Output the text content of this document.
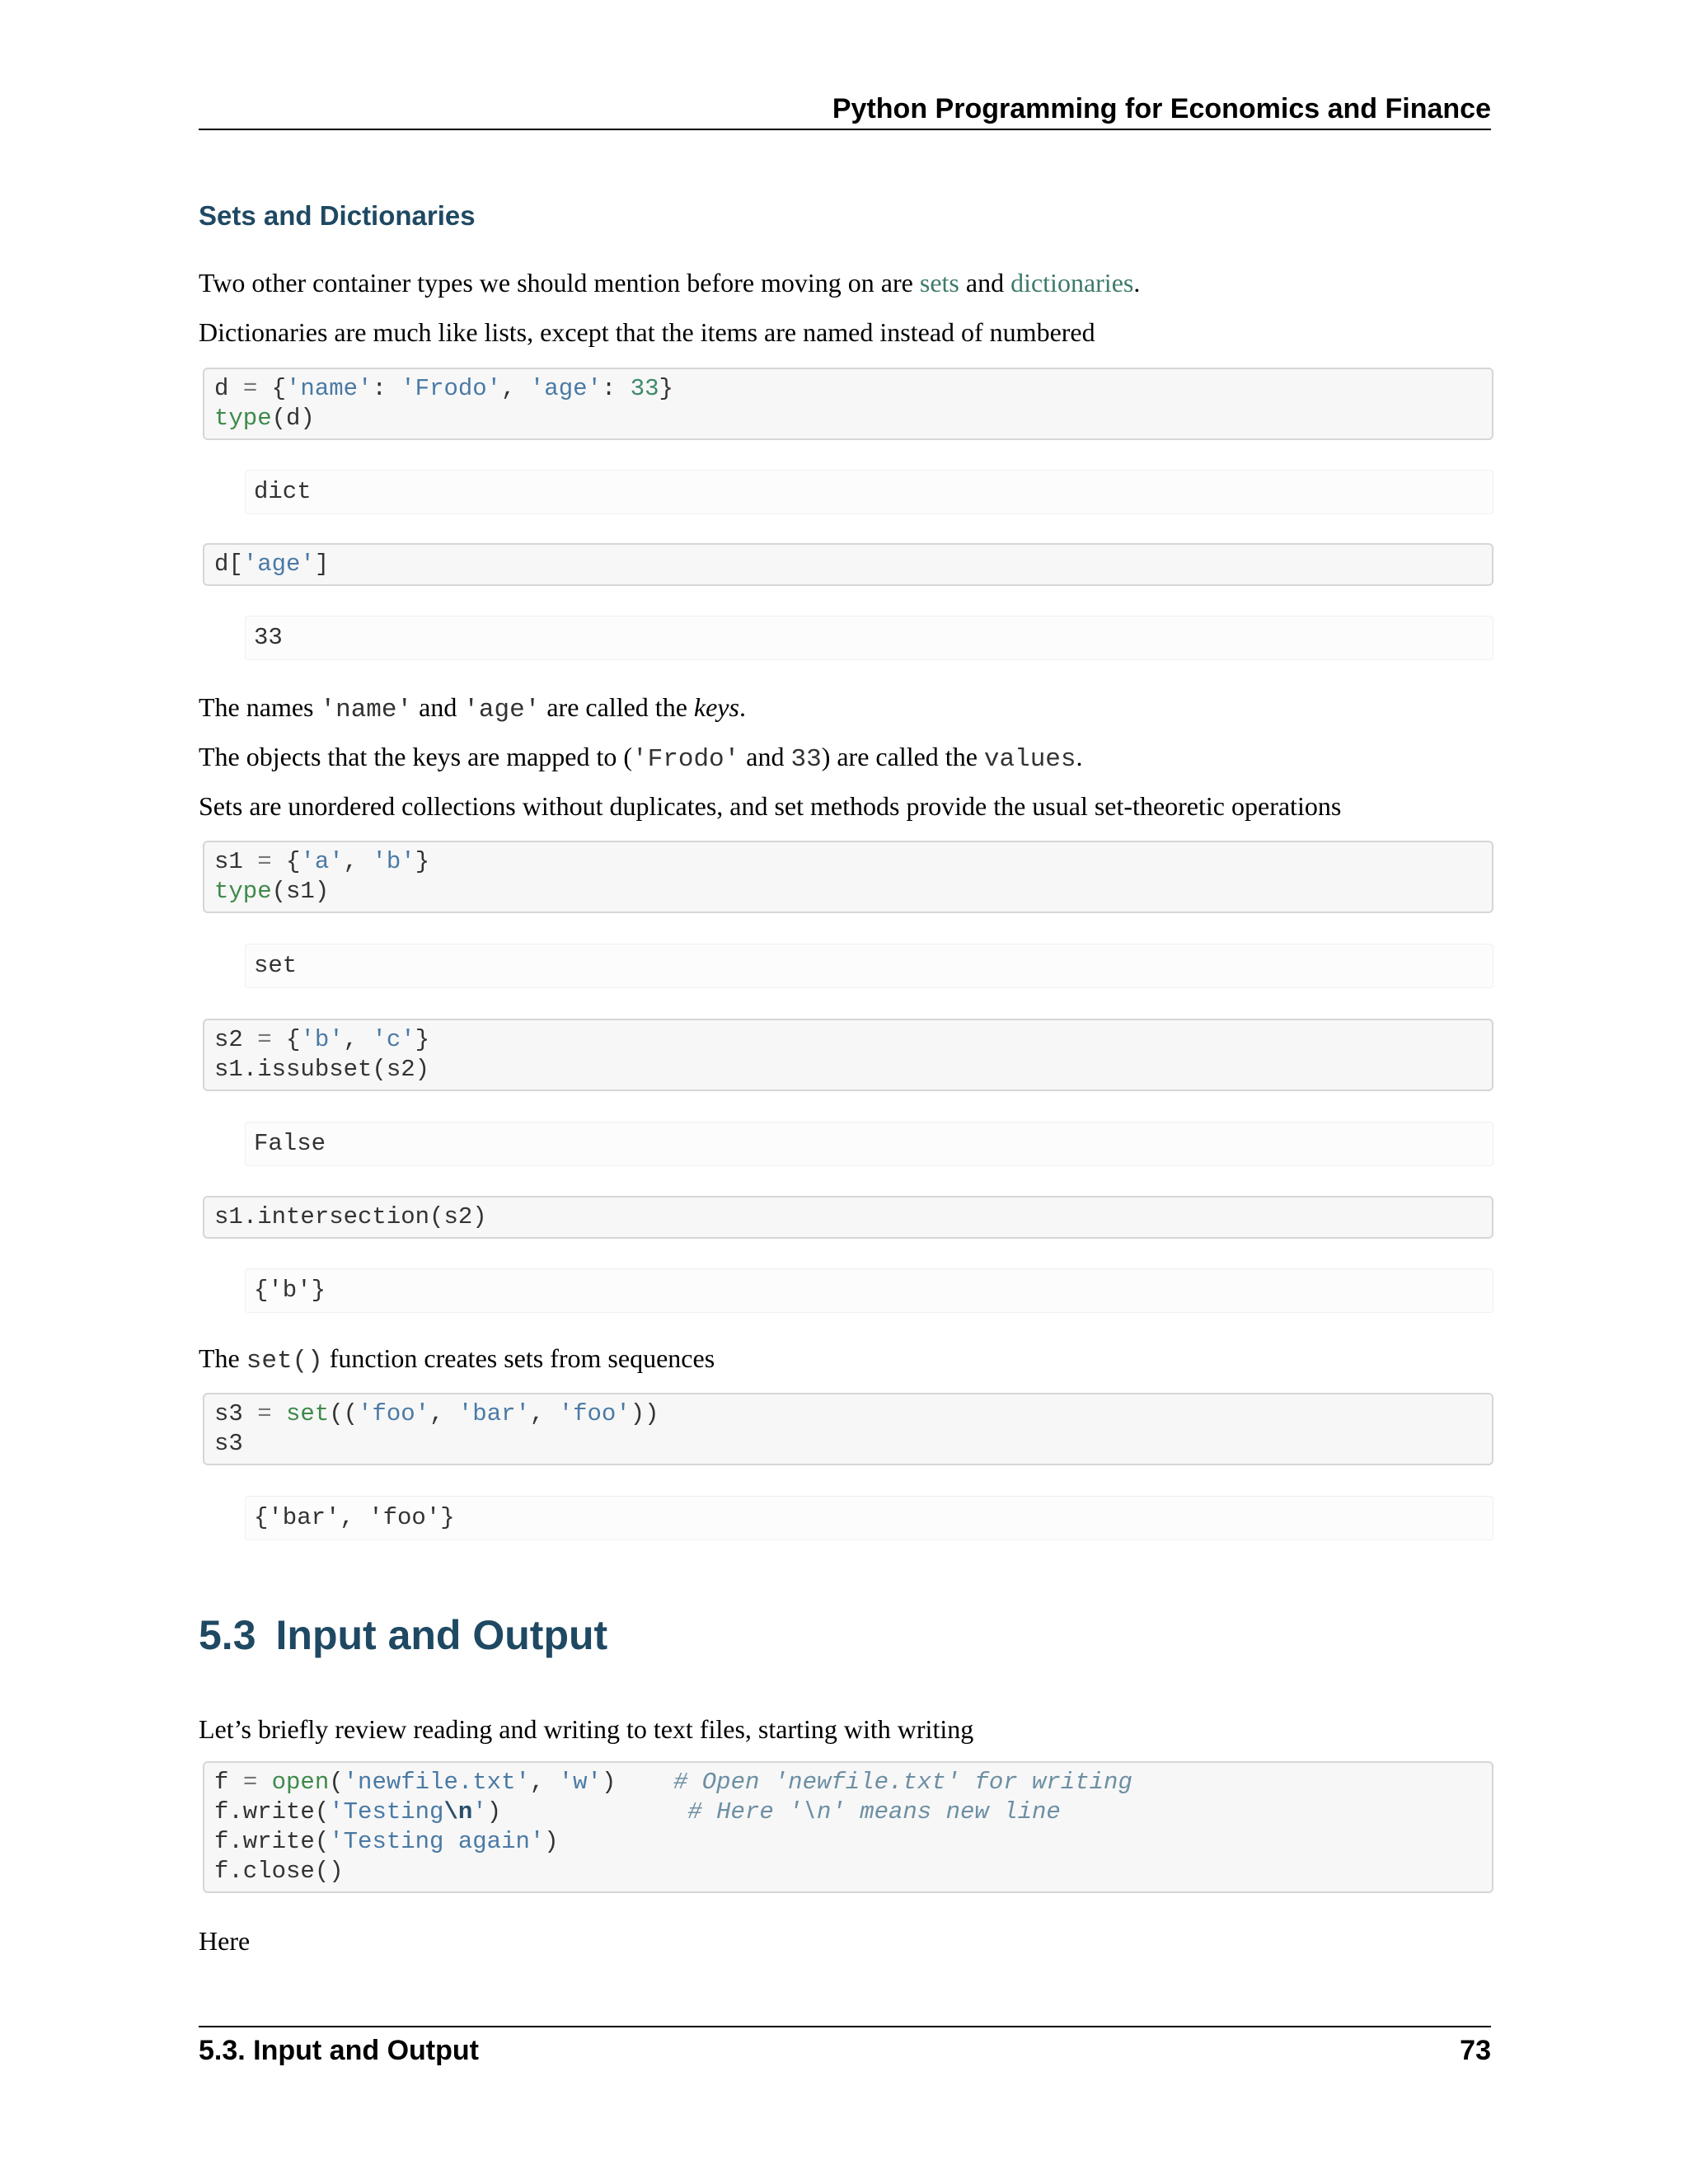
Python Programming for Economics and Finance
Sets and Dictionaries

Two other container types we should mention before moving on are sets and dictionaries.

Dictionaries are much like lists, except that the items are named instead of numbered

d = {'name': 'Frodo', 'age': 33}
type(d)
dict
d['age']
33

The names 'name' and 'age' are called the keys.

The objects that the keys are mapped to ('Frodo' and 33) are called the values.

Sets are unordered collections without duplicates, and set methods provide the usual set-theoretic operations

s1 = {'a', 'b'}
type(s1)
set
s2 = {'b', 'c'}
s1.issubset(s2)
False
s1.intersection(s2)
{'b'}

The set() function creates sets from sequences

s3 = set(('foo', 'bar', 'foo'))
s3
{'bar', 'foo'}
5.3 Input and Output

Let’s briefly review reading and writing to text files, starting with writing

f = open('newfile.txt', 'w')    # Open 'newfile.txt' for writing
f.write('Testing\n')             # Here '\n' means new line
f.write('Testing again')
f.close()

Here

5.3. Input and Output	73
